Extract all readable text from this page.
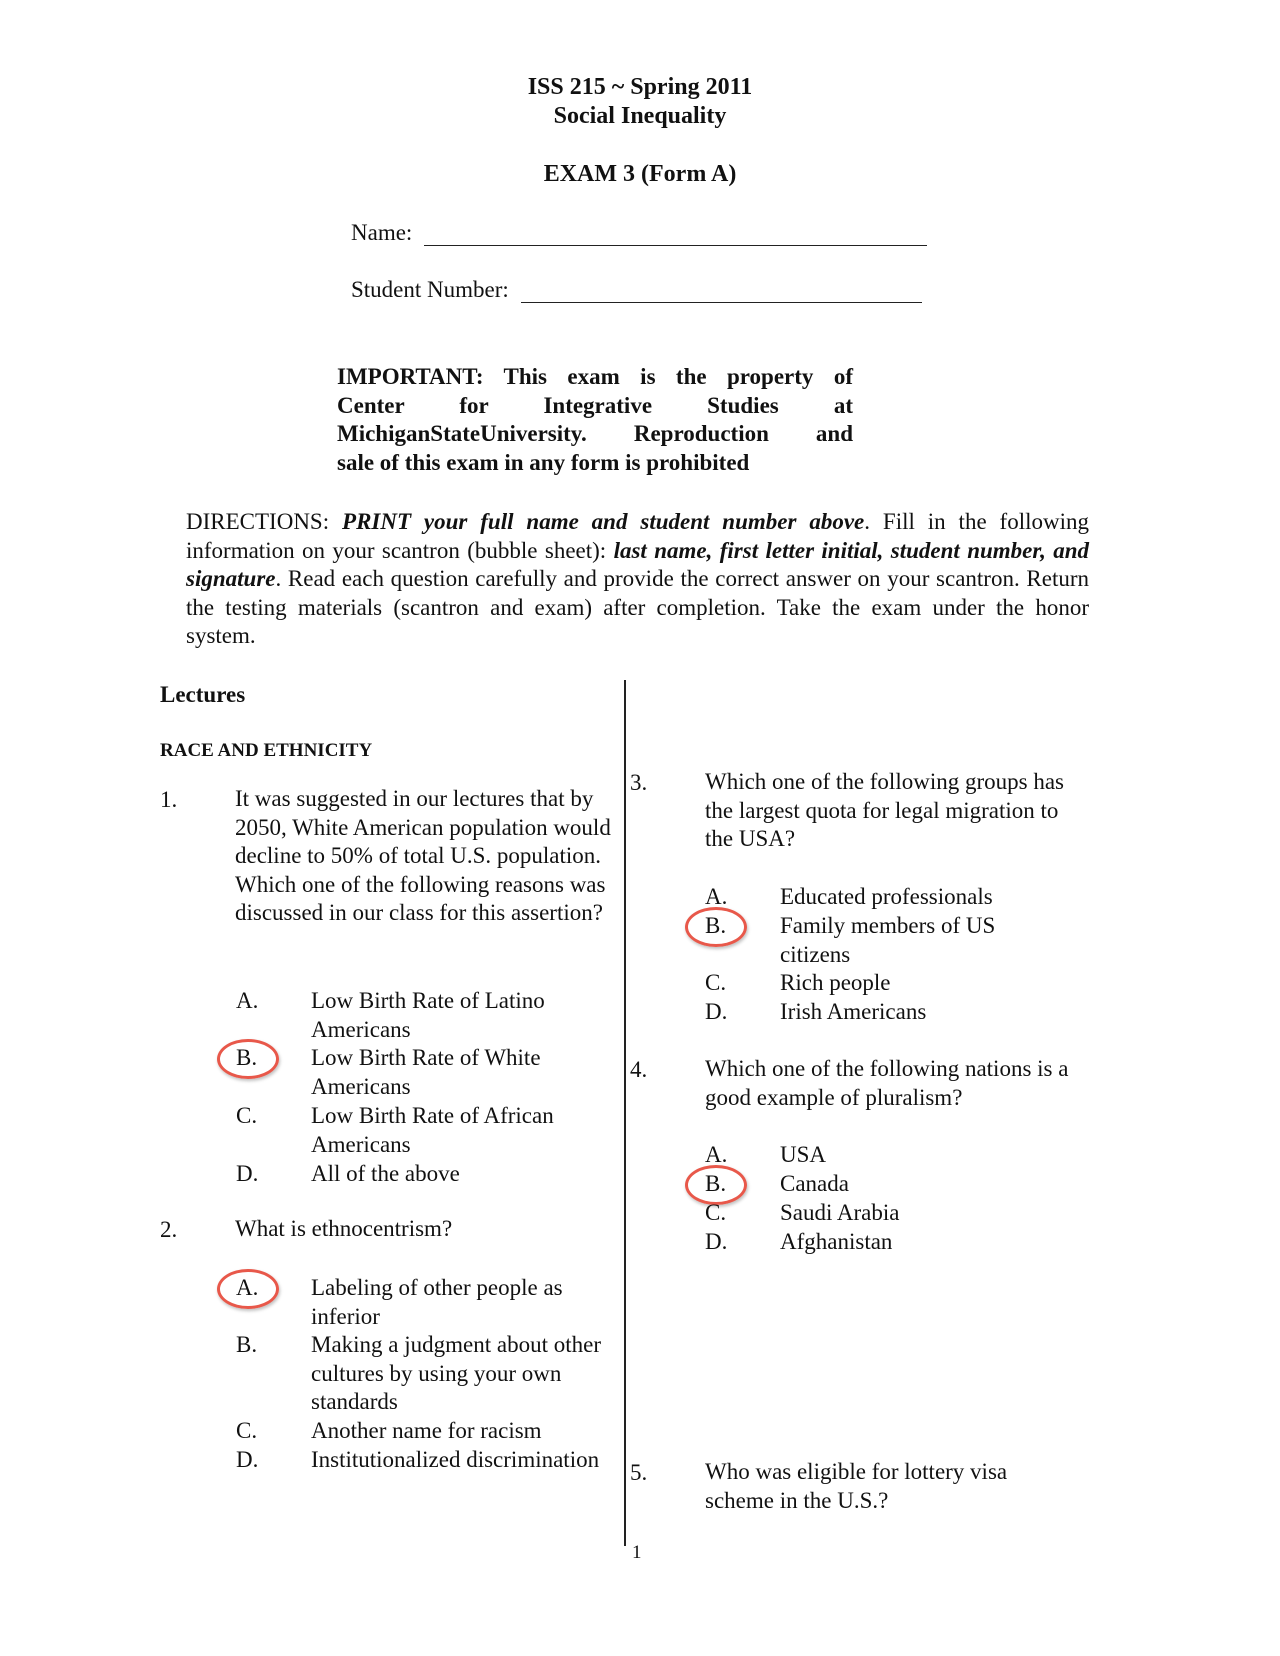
ISS 215 ~ Spring 2011
Social Inequality
EXAM 3 (Form A)
Name:
Student Number:
IMPORTANT: This exam is the property of
Center for Integrative Studies at
MichiganStateUniversity. Reproduction and
sale of this exam in any form is prohibited
DIRECTIONS: PRINT your full name and student number above. Fill in the following information on your scantron (bubble sheet): last name, first letter initial, student number, and signature. Read each question carefully and provide the correct answer on your scantron. Return the testing materials (scantron and exam) after completion. Take the exam under the honor system.
Lectures
RACE AND ETHNICITY
1.	It was suggested in our lectures that by 2050, White American population would decline to 50% of total U.S. population. Which one of the following reasons was discussed in our class for this assertion?
A. Low Birth Rate of Latino Americans
B. Low Birth Rate of White Americans
C. Low Birth Rate of African Americans
D. All of the above
2.	What is ethnocentrism?
A. Labeling of other people as inferior
B. Making a judgment about other cultures by using your own standards
C. Another name for racism
D. Institutionalized discrimination
3.	Which one of the following groups has the largest quota for legal migration to the USA?
A. Educated professionals
B. Family members of US citizens
C. Rich people
D. Irish Americans
4.	Which one of the following nations is a good example of pluralism?
A. USA
B. Canada
C. Saudi Arabia
D. Afghanistan
5.	Who was eligible for lottery visa scheme in the U.S.?
1
